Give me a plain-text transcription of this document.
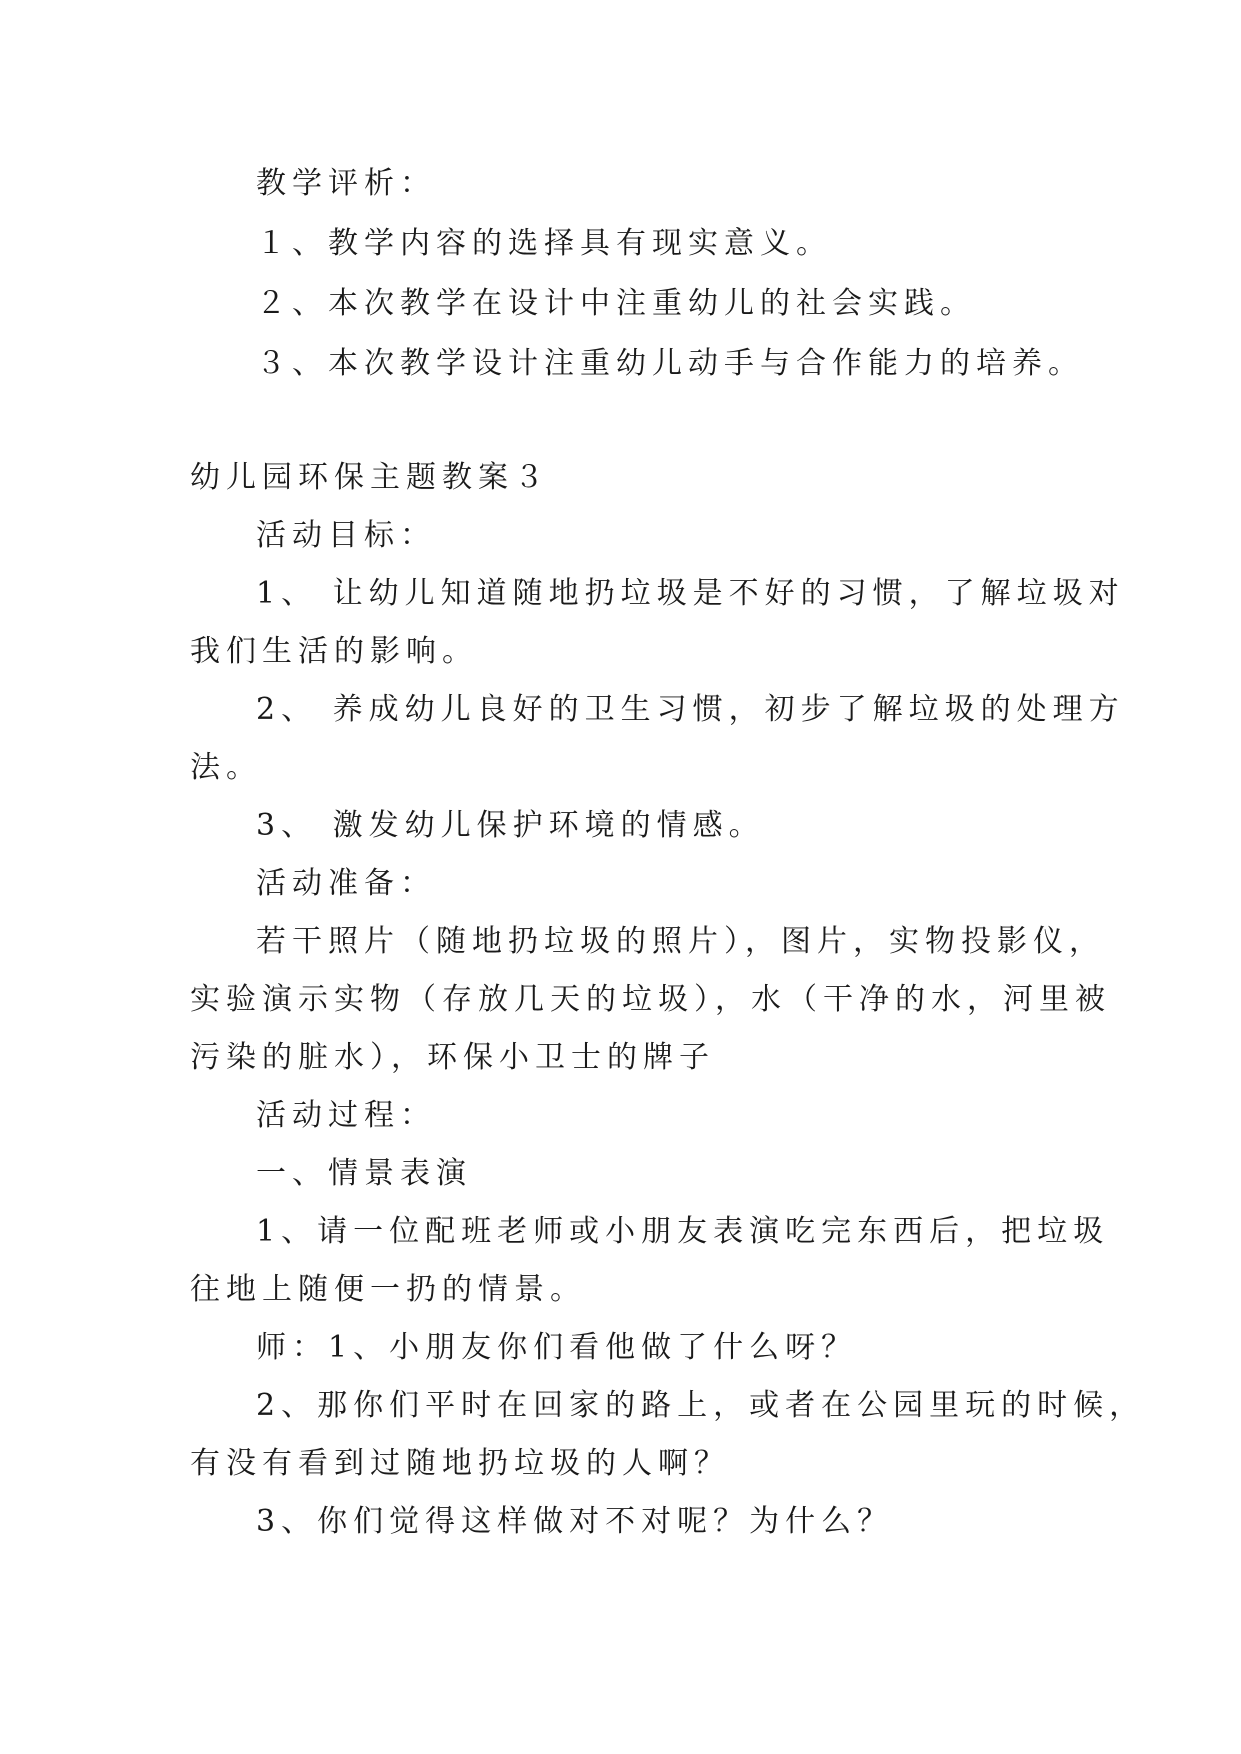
教学评析：

１、教学内容的选择具有现实意义。

２、本次教学在设计中注重幼儿的社会实践。

３、本次教学设计注重幼儿动手与合作能力的培养。

幼儿园环保主题教案３

活动目标：

1、 让幼儿知道随地扔垃圾是不好的习惯，了解垃圾对

我们生活的影响。

2、 养成幼儿良好的卫生习惯，初步了解垃圾的处理方

法。

3、 激发幼儿保护环境的情感。

活动准备：

若干照片（随地扔垃圾的照片），图片，实物投影仪，

实验演示实物（存放几天的垃圾），水（干净的水，河里被

污染的脏水），环保小卫士的牌子

活动过程：

一、情景表演

1、请一位配班老师或小朋友表演吃完东西后，把垃圾

往地上随便一扔的情景。

师：1、小朋友你们看他做了什么呀？

2、那你们平时在回家的路上，或者在公园里玩的时候，

有没有看到过随地扔垃圾的人啊？

3、你们觉得这样做对不对呢？为什么？
